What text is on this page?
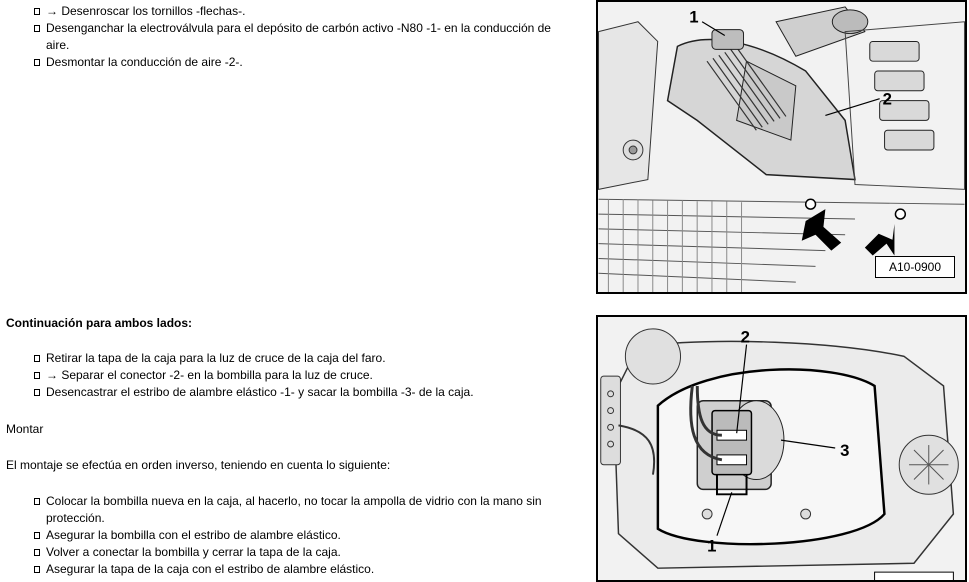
→ Desenroscar los tornillos -flechas-.
Desenganchar la electroválvula para el depósito de carbón activo -N80 -1- en la conducción de aire.
Desmontar la conducción de aire -2-.
1
2
A10-0900
Continuación para ambos lados:
Retirar la tapa de la caja para la luz de cruce de la caja del faro.
→ Separar el conector -2- en la bombilla para la luz de cruce.
Desencastrar el estribo de alambre elástico -1- y sacar la bombilla -3- de la caja.
Montar
El montaje se efectúa en orden inverso, teniendo en cuenta lo siguiente:
Colocar la bombilla nueva en la caja, al hacerlo, no tocar la ampolla de vidrio con la mano sin protección.
Asegurar la bombilla con el estribo de alambre elástico.
Volver a conectar la bombilla y cerrar la tapa de la caja.
Asegurar la tapa de la caja con el estribo de alambre elástico.
2
3
1
